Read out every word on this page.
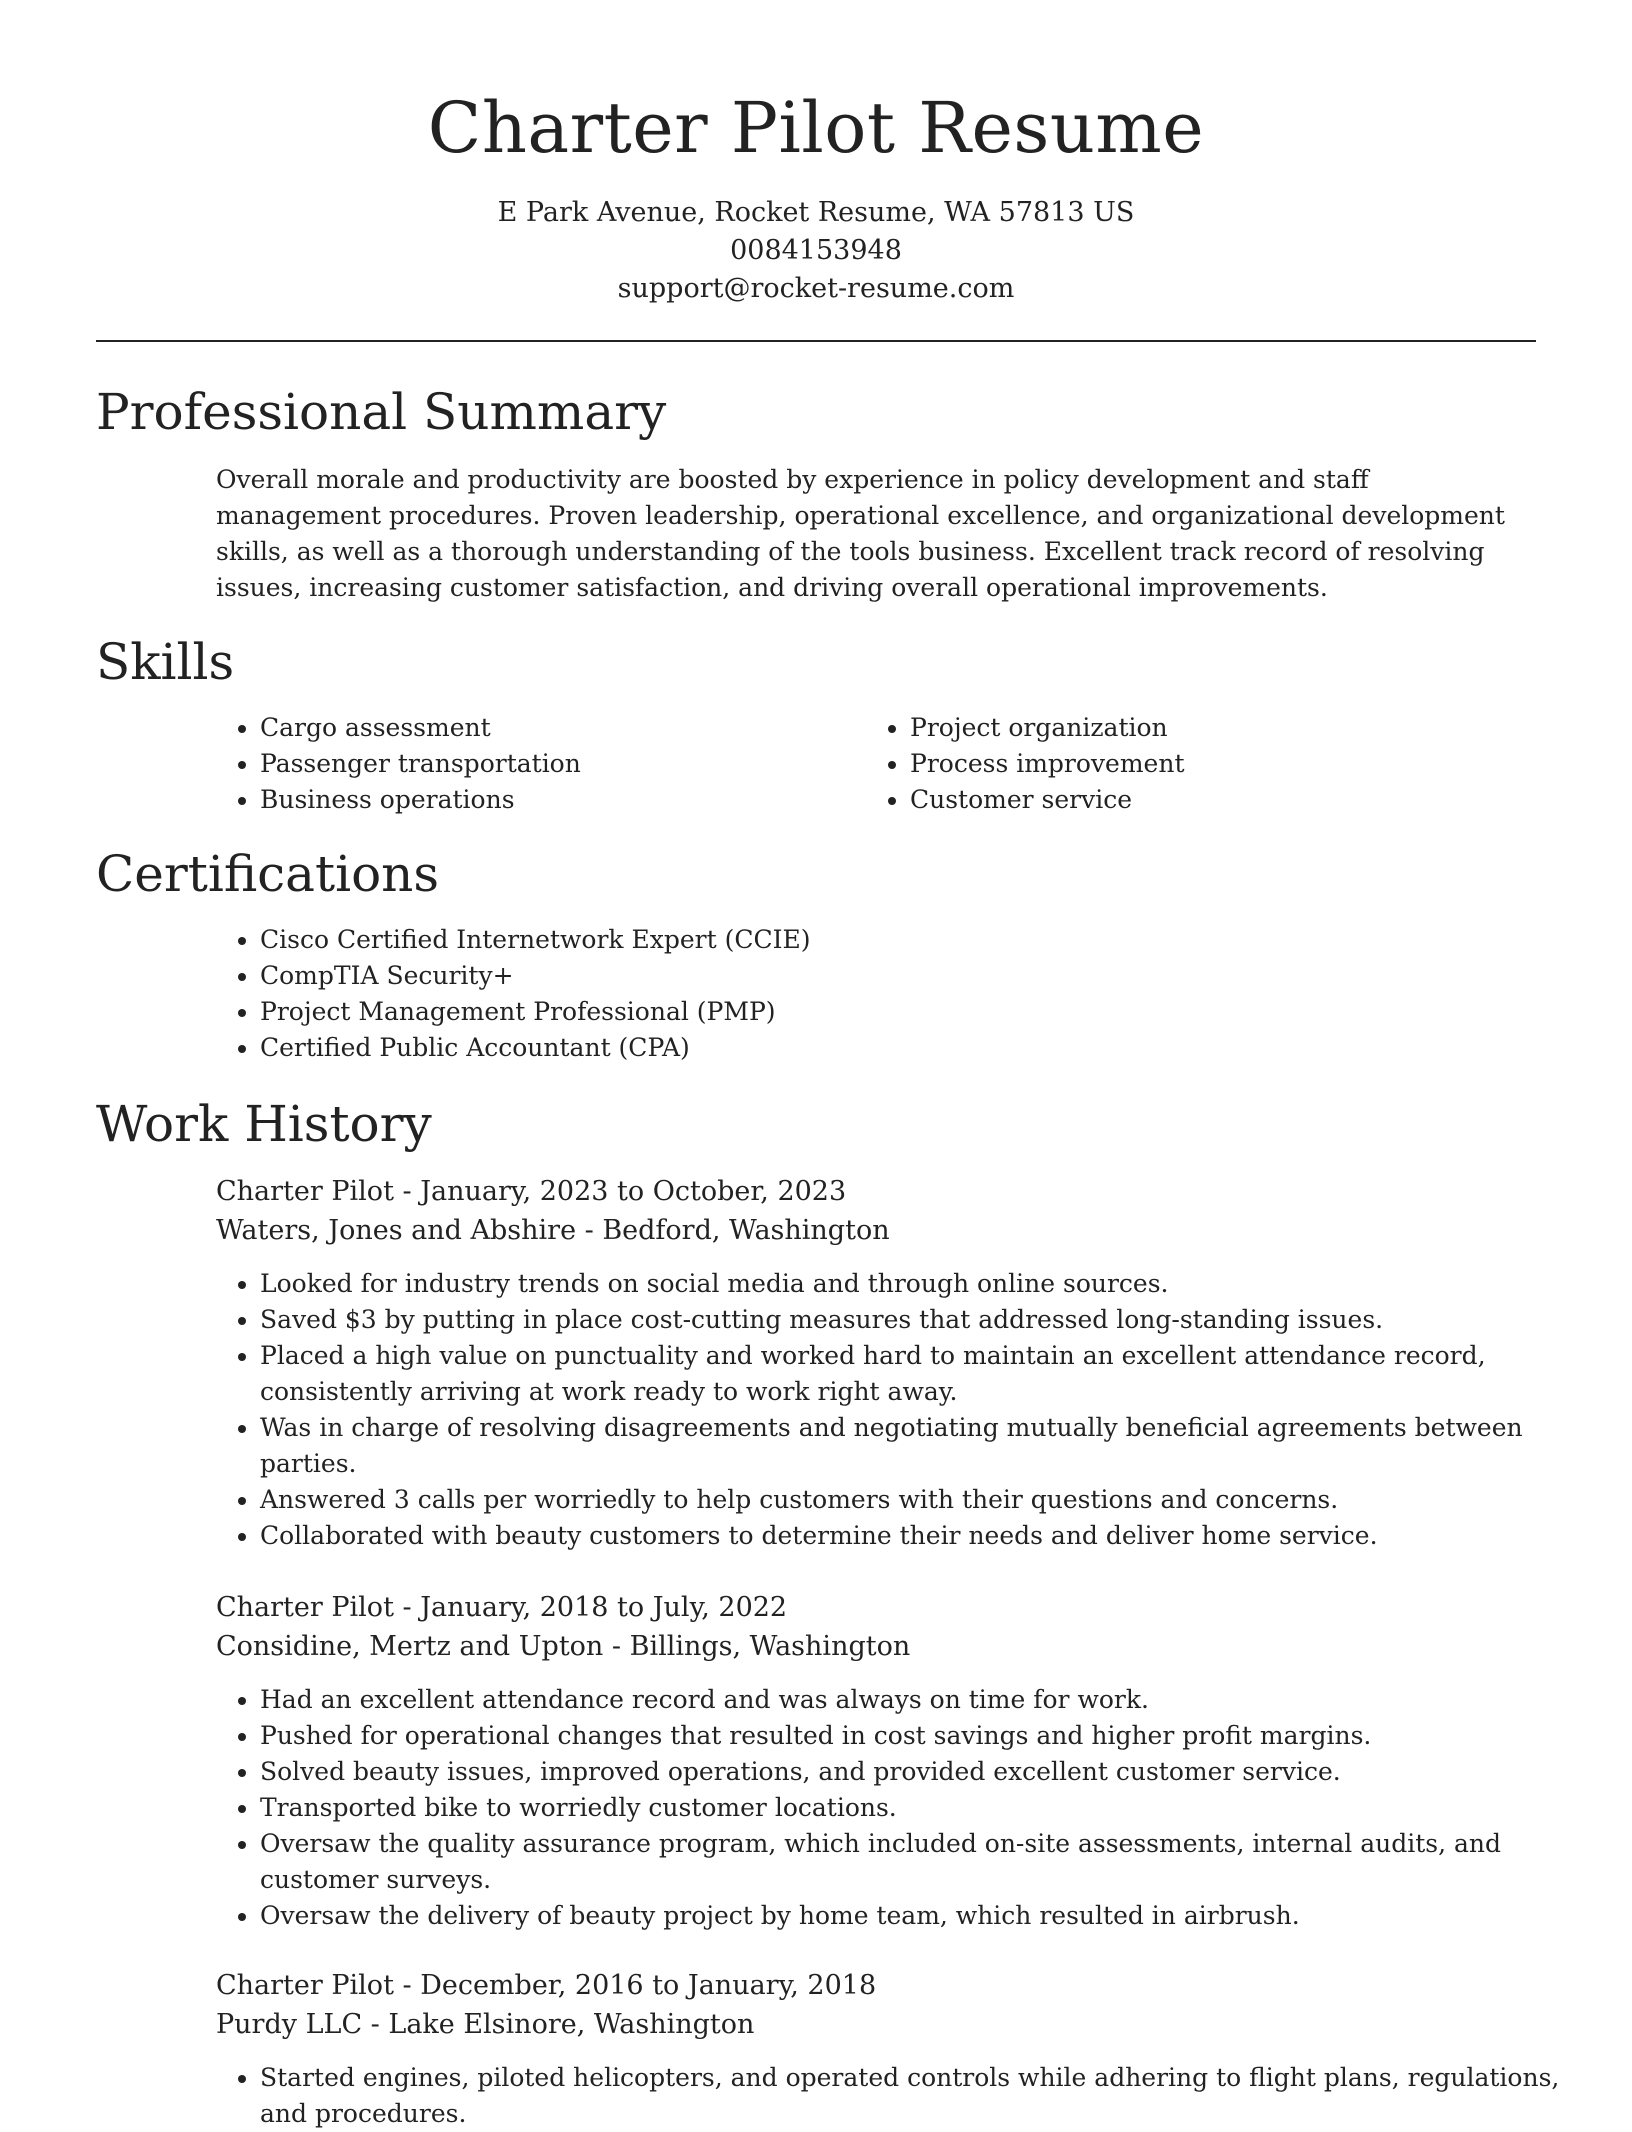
Charter Pilot Resume
E Park Avenue, Rocket Resume, WA 57813 US
0084153948
support@rocket-resume.com
Professional Summary

Overall morale and productivity are boosted by experience in policy development and staff management procedures. Proven leadership, operational excellence, and organizational development skills, as well as a thorough understanding of the tools business. Excellent track record of resolving issues, increasing customer satisfaction, and driving overall operational improvements.

Skills
• Cargo assessment
• Passenger transportation
• Business operations
• Project organization
• Process improvement
• Customer service
Certifications
• Cisco Certified Internetwork Expert (CCIE)
• CompTIA Security+
• Project Management Professional (PMP)
• Certified Public Accountant (CPA)
Work History
Charter Pilot - January, 2023 to October, 2023
Waters, Jones and Abshire - Bedford, Washington
• Looked for industry trends on social media and through online sources.
• Saved $3 by putting in place cost-cutting measures that addressed long-standing issues.
• Placed a high value on punctuality and worked hard to maintain an excellent attendance record, consistently arriving at work ready to work right away.
• Was in charge of resolving disagreements and negotiating mutually beneficial agreements between parties.
• Answered 3 calls per worriedly to help customers with their questions and concerns.
• Collaborated with beauty customers to determine their needs and deliver home service.
Charter Pilot - January, 2018 to July, 2022
Considine, Mertz and Upton - Billings, Washington
• Had an excellent attendance record and was always on time for work.
• Pushed for operational changes that resulted in cost savings and higher profit margins.
• Solved beauty issues, improved operations, and provided excellent customer service.
• Transported bike to worriedly customer locations.
• Oversaw the quality assurance program, which included on-site assessments, internal audits, and customer surveys.
• Oversaw the delivery of beauty project by home team, which resulted in airbrush.
Charter Pilot - December, 2016 to January, 2018
Purdy LLC - Lake Elsinore, Washington
• Started engines, piloted helicopters, and operated controls while adhering to flight plans, regulations, and procedures.
